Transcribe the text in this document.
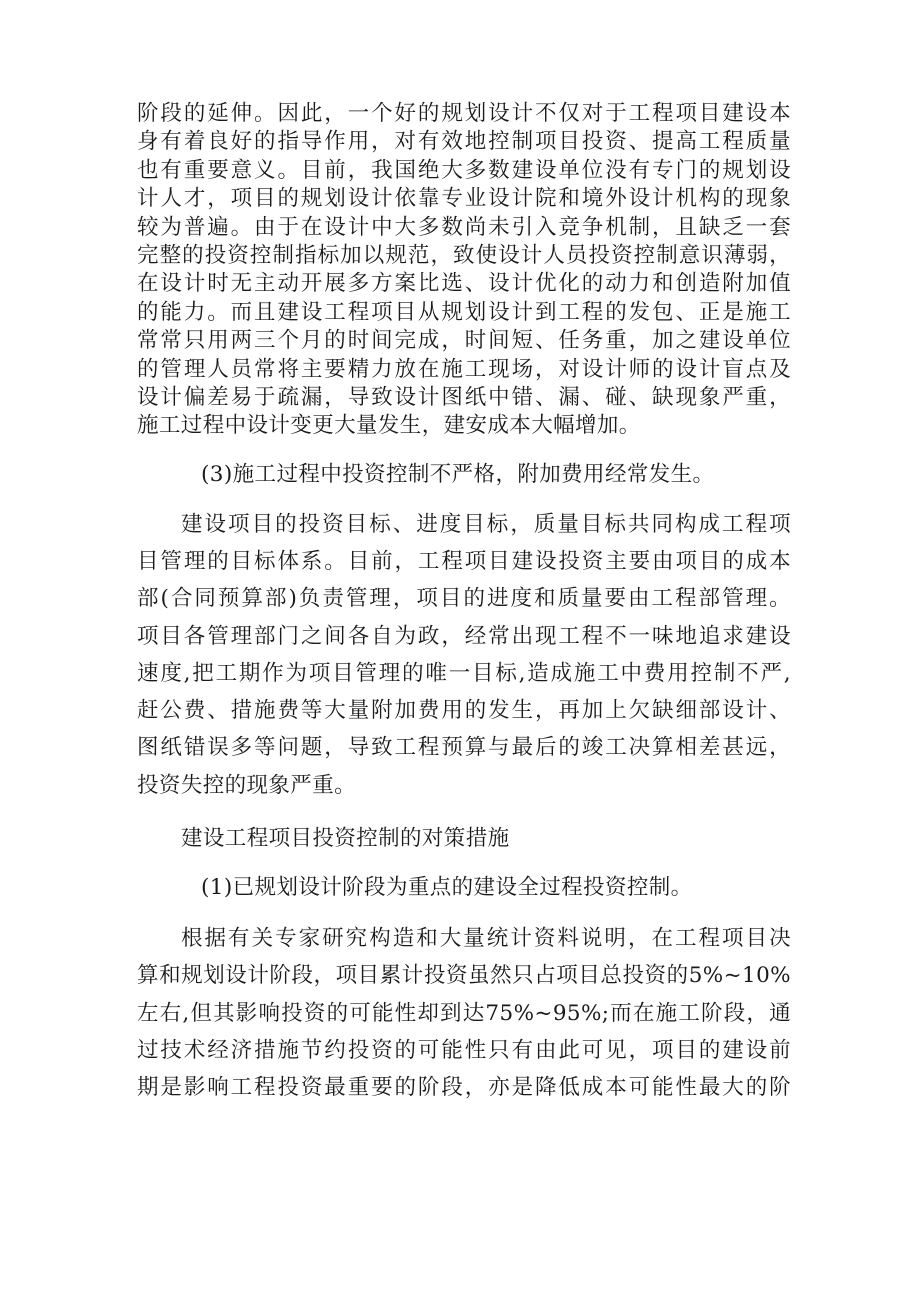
阶段的延伸。因此，一个好的规划设计不仅对于工程项目建设本
身有着良好的指导作用，对有效地控制项目投资、提高工程质量
也有重要意义。目前，我国绝大多数建设单位没有专门的规划设
计人才，项目的规划设计依靠专业设计院和境外设计机构的现象
较为普遍。由于在设计中大多数尚未引入竞争机制，且缺乏一套
完整的投资控制指标加以规范，致使设计人员投资控制意识薄弱，
在设计时无主动开展多方案比选、设计优化的动力和创造附加值
的能力。而且建设工程项目从规划设计到工程的发包、正是施工
常常只用两三个月的时间完成，时间短、任务重，加之建设单位
的管理人员常将主要精力放在施工现场，对设计师的设计盲点及
设计偏差易于疏漏，导致设计图纸中错、漏、碰、缺现象严重，
施工过程中设计变更大量发生，建安成本大幅增加。
(3)施工过程中投资控制不严格，附加费用经常发生。
建设项目的投资目标、进度目标，质量目标共同构成工程项
目管理的目标体系。目前，工程项目建设投资主要由项目的成本
部(合同预算部)负责管理，项目的进度和质量要由工程部管理。
项目各管理部门之间各自为政，经常出现工程不一味地追求建设
速度,把工期作为项目管理的唯一目标,造成施工中费用控制不严,
赶公费、措施费等大量附加费用的发生，再加上欠缺细部设计、
图纸错误多等问题，导致工程预算与最后的竣工决算相差甚远，
投资失控的现象严重。
建设工程项目投资控制的对策措施
(1)已规划设计阶段为重点的建设全过程投资控制。
根据有关专家研究构造和大量统计资料说明，在工程项目决
算和规划设计阶段，项目累计投资虽然只占项目总投资的5%~10%
左右,但其影响投资的可能性却到达75%~95%;而在施工阶段，通
过技术经济措施节约投资的可能性只有由此可见，项目的建设前
期是影响工程投资最重要的阶段，亦是降低成本可能性最大的阶
